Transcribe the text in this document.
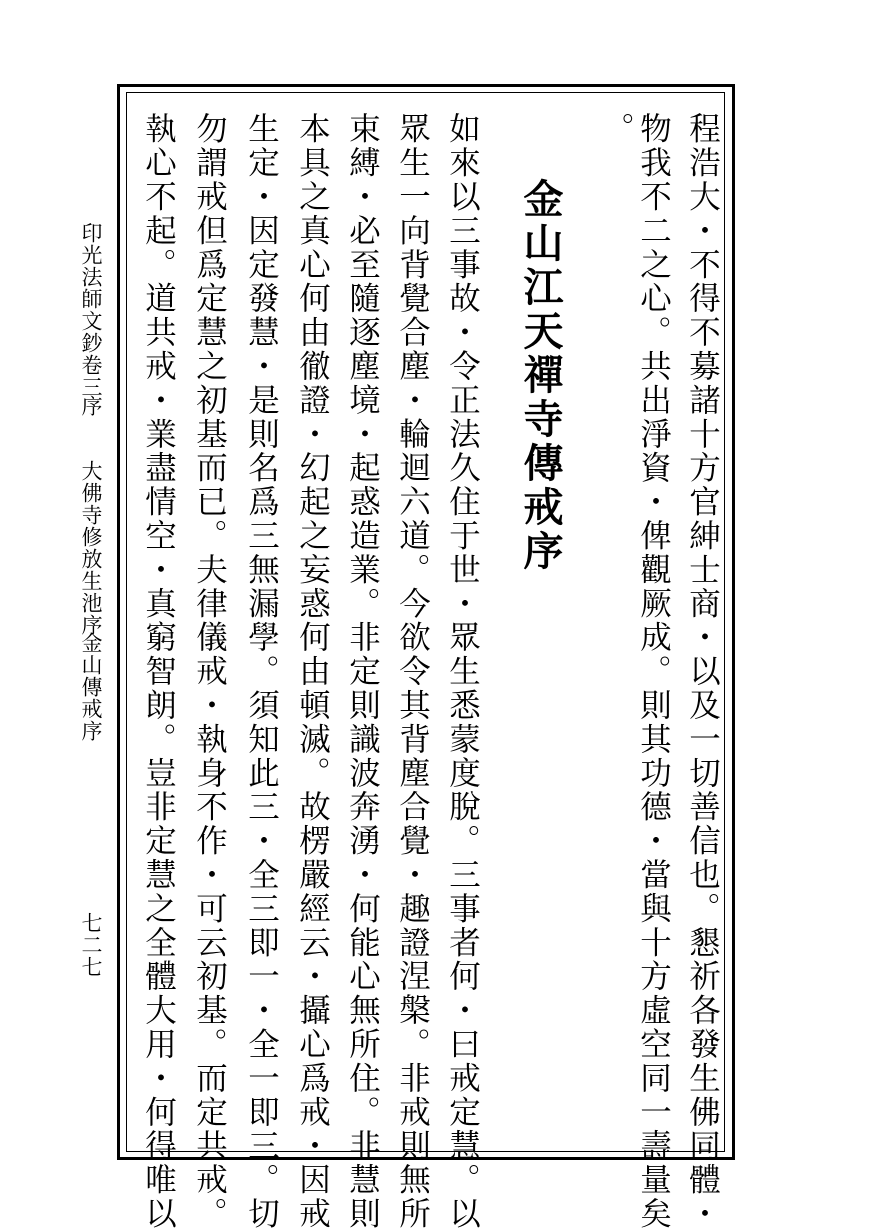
程浩大・不得不募諸十方官紳士商・以及一切善信也。懇祈各發生佛同體・
物我不二之心。共出淨資・俾觀厥成。則其功德・當與十方虛空同一壽量矣
。
金山江天禪寺傳戒序
如來以三事故・令正法久住于世・眾生悉蒙度脫。三事者何・曰戒定慧。以
眾生一向背覺合塵・輪迴六道。今欲令其背塵合覺・趣證涅槃。非戒則無所
束縛・必至隨逐塵境・起惑造業。非定則識波奔湧・何能心無所住。非慧則
本具之真心何由徹證・幻起之妄惑何由頓滅。故楞嚴經云・攝心爲戒・因戒
生定・因定發慧・是則名爲三無漏學。須知此三・全三即一・全一即三。切
勿謂戒但爲定慧之初基而已。夫律儀戒・執身不作・可云初基。而定共戒。
執心不起。道共戒・業盡情空・真窮智朗。豈非定慧之全體大用・何得唯以
印光法師文鈔卷三
序
大佛寺修放生池序
金山傳戒序
七二七
